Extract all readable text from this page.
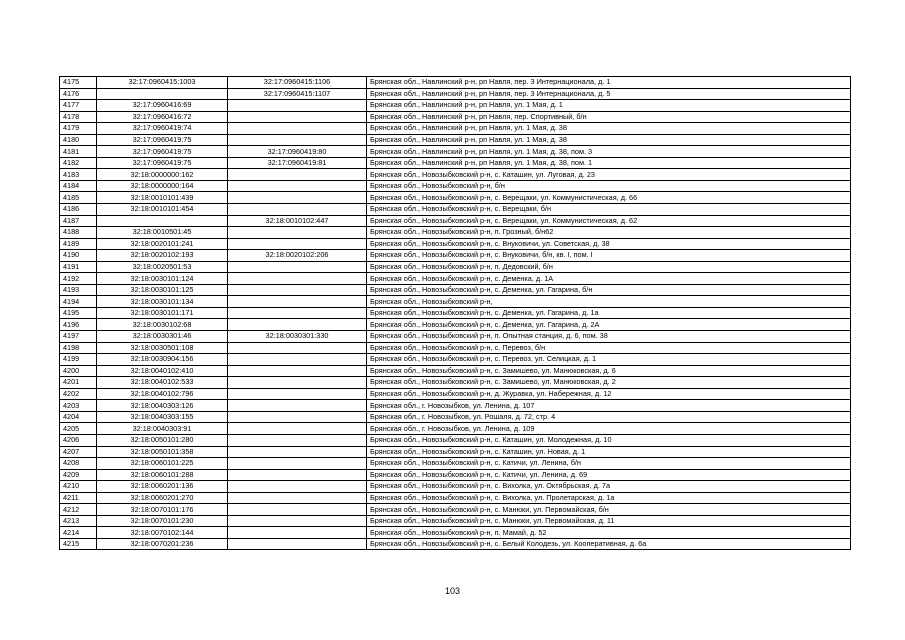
4175	32:17:0960415:1003	32:17:0960415:1106	Брянская обл., Навлинский р-н, рп Навля, пер. 3 Интернационала, д. 1
4176		32:17:0960415:1107	Брянская обл., Навлинский р-н, рп Навля, пер. 3 Интернационала, д. 5
4177	32:17:0960416:69		Брянская обл., Навлинский р-н, рп Навля, ул. 1 Мая, д. 1
4178	32:17:0960416:72		Брянская обл., Навлинский р-н, рп Навля, пер. Спортивный, б/н
4179	32:17:0960419:74		Брянская обл., Навлинский р-н, рп Навля, ул. 1 Мая, д. 38
4180	32:17:0960419:75		Брянская обл., Навлинский р-н, рп Навля, ул. 1 Мая, д. 38
4181	32:17:0960419:75	32:17:0960419:80	Брянская обл., Навлинский р-н, рп Навля, ул. 1 Мая, д. 38, пом. 3
4182	32:17:0960419:75	32:17:0960419:81	Брянская обл., Навлинский р-н, рп Навля, ул. 1 Мая, д. 38, пом. 1
4183	32:18:0000000:162		Брянская обл., Новозыбковский р-н, с. Каташин, ул. Луговая, д. 23
4184	32:18:0000000:164		Брянская обл., Новозыбковский р-н, б/н
4185	32:18:0010101:439		Брянская обл., Новозыбковский р-н, с. Верещаки, ул. Коммунистическая, д. 66
4186	32:18:0010101:454		Брянская обл., Новозыбковский р-н, с. Верещаки, б/н
4187		32:18:0010102:447	Брянская обл., Новозыбковский р-н, с. Верещаки, ул. Коммунистическая, д. 62
4188	32:18:0010501:45		Брянская обл., Новозыбковский р-н, п. Грозный, б/н62
4189	32:18:0020101:241		Брянская обл., Новозыбковский р-н, с. Внуковичи, ул. Советская, д. 38
4190	32:18:0020102:193	32:18:0020102:206	Брянская обл., Новозыбковский р-н, с. Внуковичи, б/н, кв. I, пом. I
4191	32:18:0020501:53		Брянская обл., Новозыбковский р-н, п. Дедовский, б/н
4192	32:18:0030101:124		Брянская обл., Новозыбковский р-н, с. Деменка, д. 1А
4193	32:18:0030101:125		Брянская обл., Новозыбковский р-н, с. Деменка, ул. Гагарина, б/н
4194	32:18:0030101:134		Брянская обл., Новозыбковский р-н,
4195	32:18:0030101:171		Брянская обл., Новозыбковский р-н, с. Деменка, ул. Гагарина, д. 1а
4196	32:18:0030102:68		Брянская обл., Новозыбковский р-н, с. Деменка, ул. Гагарина, д. 2А
4197	32:18:0030301:46	32:18:0030301:330	Брянская обл., Новозыбковский р-н, п. Опытная станция, д. 6, пом. 38
4198	32:18:0030501:108		Брянская обл., Новозыбковский р-н, с. Перевоз, б/н
4199	32:18:0030904:156		Брянская обл., Новозыбковский р-н, с. Перевоз, ул. Селицкая, д. 1
4200	32:18:0040102:410		Брянская обл., Новозыбковский р-н, с. Замишево, ул. Манюковская, д. 6
4201	32:18:0040102:533		Брянская обл., Новозыбковский р-н, с. Замишево, ул. Манюковская, д. 2
4202	32:18:0040102:796		Брянская обл., Новозыбковский р-н, д. Журавка, ул. Набережная, д. 12
4203	32:18:0040303:126		Брянская обл., г. Новозыбков, ул. Ленина, д. 107
4204	32:18:0040303:155		Брянская обл., г. Новозыбков, ул. Рошаля, д. 72, стр. 4
4205	32:18:0040303:91		Брянская обл., г. Новозыбков, ул. Ленина, д. 109
4206	32:18:0050101:280		Брянская обл., Новозыбковский р-н, с. Каташин, ул. Молодежная, д. 10
4207	32:18:0050101:358		Брянская обл., Новозыбковский р-н, с. Каташин, ул. Новая, д. 1
4208	32:18:0060101:225		Брянская обл., Новозыбковский р-н, с. Катичи, ул. Ленина, б/н
4209	32:18:0060101:288		Брянская обл., Новозыбковский р-н, с. Катичи, ул. Ленина, д. 69
4210	32:18:0060201:136		Брянская обл., Новозыбковский р-н, с. Вихолка, ул. Октябрьская, д. 7а
4211	32:18:0060201:270		Брянская обл., Новозыбковский р-н, с. Вихолка, ул. Пролетарская, д. 1а
4212	32:18:0070101:176		Брянская обл., Новозыбковский р-н, с. Манюки, ул. Первомайская, б/н
4213	32:18:0070101:230		Брянская обл., Новозыбковский р-н, с. Манюки, ул. Первомайская, д. 11
4214	32:18:0070102:144		Брянская обл., Новозыбковский р-н, п. Мамай, д. 52
4215	32:18:0070201:236		Брянская обл., Новозыбковский р-н, с. Белый Колодезь, ул. Кооперативная, д. 6а
103
